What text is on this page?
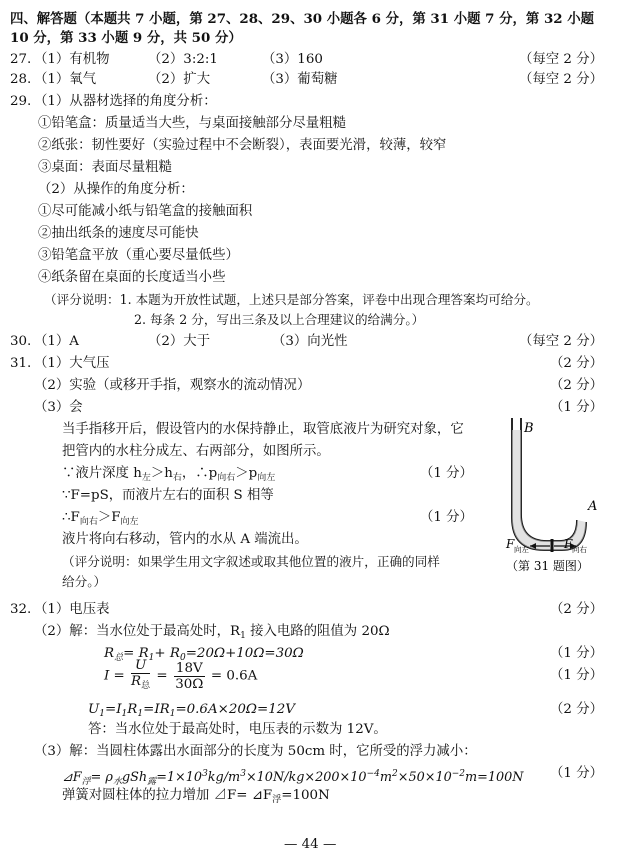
四、解答题（本题共 7 小题，第 27、28、29、30 小题各 6 分，第 31 小题 7 分，第 32 小题
10 分，第 33 小题 9 分，共 50 分）
27. （1）有机物	（2）3:2:1	（3）160	（每空 2 分）
28. （1）氧气	（2）扩大	（3）葡萄糖	（每空 2 分）
29. （1）从器材选择的角度分析：
①铅笔盒：质量适当大些，与桌面接触部分尽量粗糙
②纸张：韧性要好（实验过程中不会断裂），表面要光滑，较薄，较窄
③桌面：表面尽量粗糙
（2）从操作的角度分析：
①尽可能减小纸与铅笔盒的接触面积
②抽出纸条的速度尽可能快
③铅笔盒平放（重心要尽量低些）
④纸条留在桌面的长度适当小些
（评分说明：1. 本题为开放性试题，上述只是部分答案，评卷中出现合理答案均可给分。
2. 每条 2 分，写出三条及以上合理建议的给满分。）
30. （1）A	（2）大于	（3）向光性	（每空 2 分）
31. （1）大气压	（2 分）
（2）实验（或移开手指，观察水的流动情况）	（2 分）
（3）会	（1 分）
当手指移开后，假设管内的水保持静止，取管底液片为研究对象，它
把管内的水柱分成左、右两部分，如图所示。
∵液片深度 $h_左>h_右$，$\therefore p_{向右}>p_{向左}$	（1 分）
∵F=pS，而液片左右的面积 S 相等
$\therefore F_{向右}>F_{向左}$	（1 分）
液片将向右移动，管内的水从 A 端流出。
（评分说明：如果学生用文字叙述或取其他位置的液片，正确的同样
给分。）
B
A
F 向左	F 向右
（第 31 题图）
32. （1）电压表	（2 分）
（2）解：当水位处于最高处时，$R_1$ 接入电路的阻值为 20Ω
$R_总= R_1+ R_0=20\Omega+10\Omega=30\Omega$	（1 分）
$I = \frac{U}{R_总} = \frac{18V}{30\Omega} = 0.6A$	（1 分）
$U_1=I_1R_1=IR_1=0.6A\times 20\Omega=12V$	（2 分）
答：当水位处于最高处时，电压表的示数为 12V。
（3）解：当圆柱体露出水面部分的长度为 50cm 时，它所受的浮力减小：
$⊿F_浮= \rho_水gSh_露=1\times 10^3kg/m^3\times 10N/kg\times 200\times 10^{-4}m^2\times 50\times 10^{-2}m=100N$ （1 分）
弹簧对圆柱体的拉力增加 ⊿F= $⊿F_浮=100N$
— 44 —
